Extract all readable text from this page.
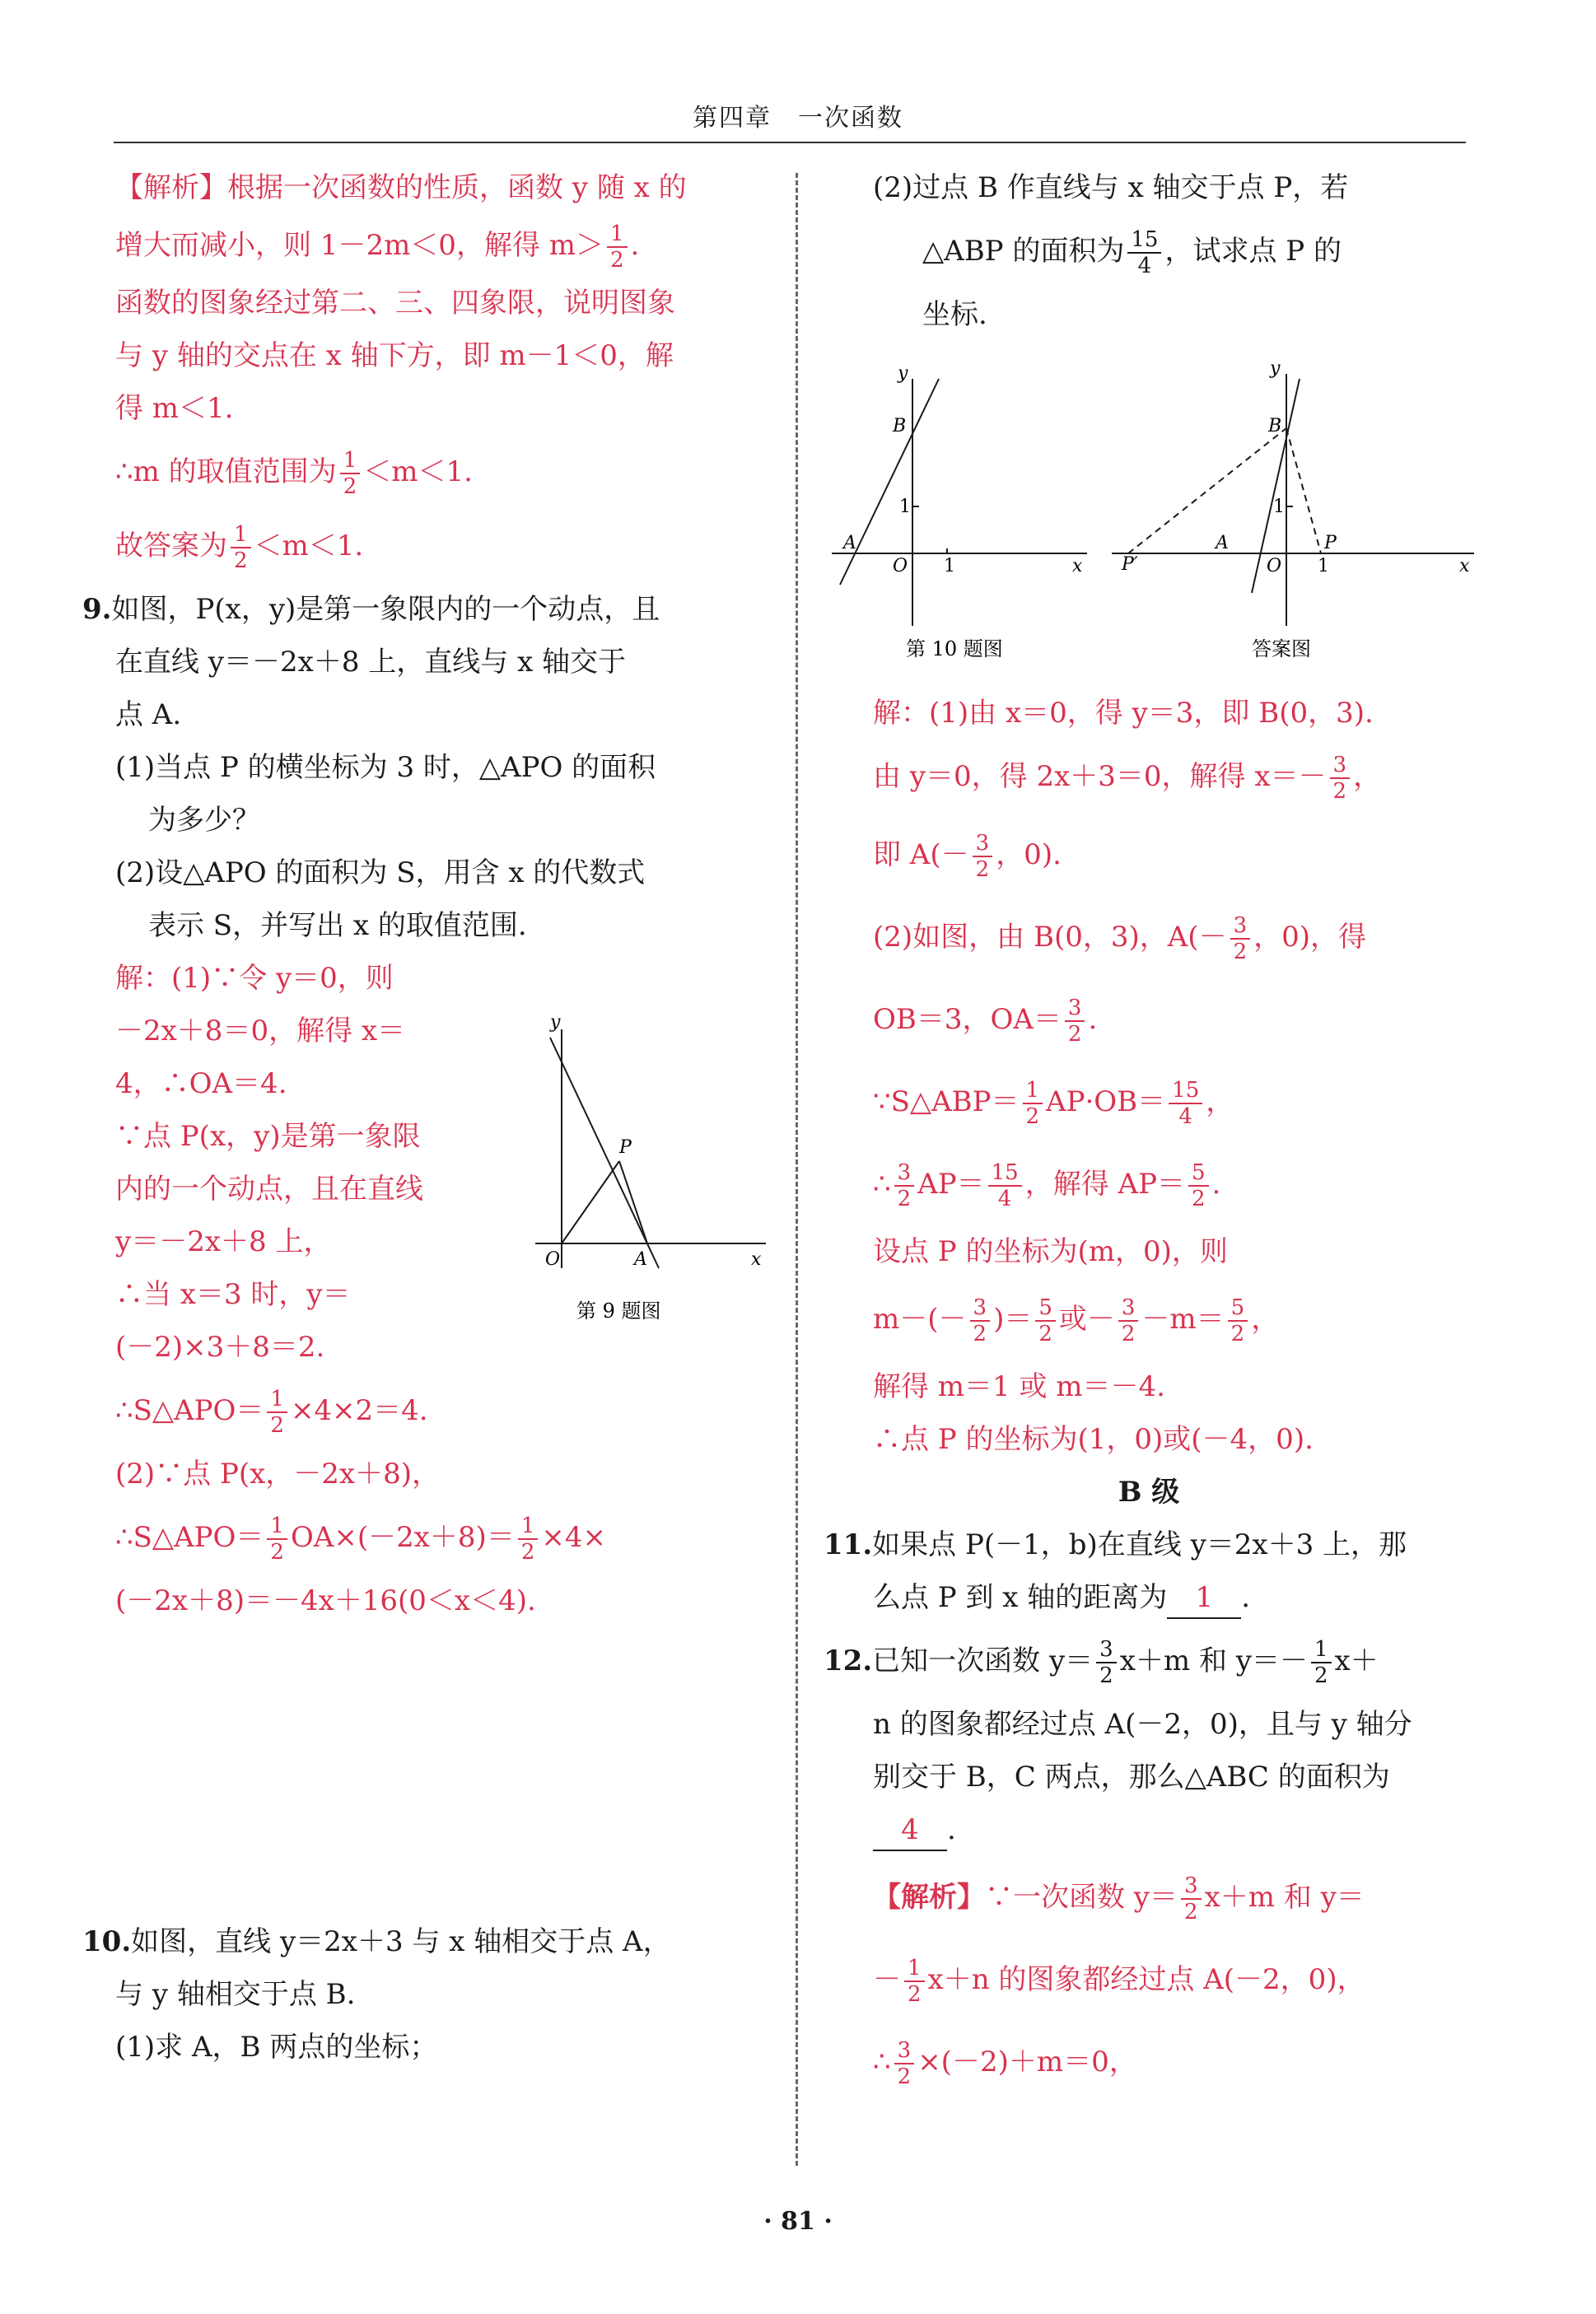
第四章　一次函数

【解析】根据一次函数的性质，函数 y 随 x 的

增大而减小，则 1－2m＜0，解得 $m> \frac{1}{2}$ .

函数的图象经过第二、三、四象限，说明图象

与 y 轴的交点在 x 轴下方，即 m－1＜0，解

得 m＜1.

∴m 的取值范围为 $\frac{1}{2} <m<1$.

故答案为 $\frac{1}{2} <m<1$.

9.如图，P(x，y)是第一象限内的一个动点，且

在直线 y＝－2x＋8 上，直线与 x 轴交于

点 A.

(1)当点 P 的横坐标为 3 时，△APO 的面积

为多少？

(2)设△APO 的面积为 S，用含 x 的代数式

表示 S，并写出 x 的取值范围.

解：(1)∵令 y＝0，则

－2x＋8＝0，解得 x＝

4，∴OA＝4.

∵点 P(x，y)是第一象限

内的一个动点，且在直线

y＝－2x＋8 上，

∴当 x＝3 时，y＝

(－2)×3＋8＝2.

∴S△APO＝ $\frac{1}{2} \times 4\times 2=4$.

(2)∵点 P(x，－2x＋8)，

∴S△APO＝ $\frac{1}{2} OA\times(-2x+8)= \frac{1}{2} \times 4\times$

(－2x＋8)＝－4x＋16(0＜x＜4).

10.如图，直线 y＝2x＋3 与 x 轴相交于点 A，

与 y 轴相交于点 B.

(1)求 A，B 两点的坐标；

y
x
O	A
P
第 9 题图

(2)过点 B 作直线与 x 轴交于点 P，若

△ABP 的面积为 $\frac{15}{4}$ ，试求点 P 的

坐标.

解：(1)由 x＝0，得 y＝3，即 B(0，3).

由 y＝0，得 2x＋3＝0，解得 $x=- \frac{3}{2}$ ，

即 $A(- \frac{3}{2}$ ，0).

(2)如图，由 B(0，3)，$A(- \frac{3}{2}$ ，0)，得

OB＝3，$OA= \frac{3}{2}$ .

∵S△ABP＝ $\frac{1}{2} AP\cdot OB= \frac{15}{4}$ ，

∴ $\frac{3}{2} AP= \frac{15}{4}$ ，解得 $AP= \frac{5}{2}$ .

设点 P 的坐标为(m，0)，则

$m-(- \frac{3}{2}$ )＝ $\frac{5}{2}$ 或－ $\frac{3}{2} -m= \frac{5}{2}$ ，

解得 m＝1 或 m＝－4.

∴点 P 的坐标为(1，0)或(－4，0).

B 级

11.如果点 P(－1，b)在直线 y＝2x＋3 上，那

么点 P 到 x 轴的距离为 1 .

12.已知一次函数 $y= \frac{3}{2} x+m$ 和 $y=- \frac{1}{2} x+$

n 的图象都经过点 A(－2，0)，且与 y 轴分

别交于 B，C 两点，那么△ABC 的面积为

4 .

【解析】∵一次函数 $y= \frac{3}{2} x+m$ 和 y＝

－ $\frac{1}{2} x+n$ 的图象都经过点 A(－2，0)，

∴ $\frac{3}{2} \times(-2)+m=0$，

y
x
O 1
1
A
B
第 10 题图
y
x
O 1
1
P
P′
A
B
答案图
· 81 ·
